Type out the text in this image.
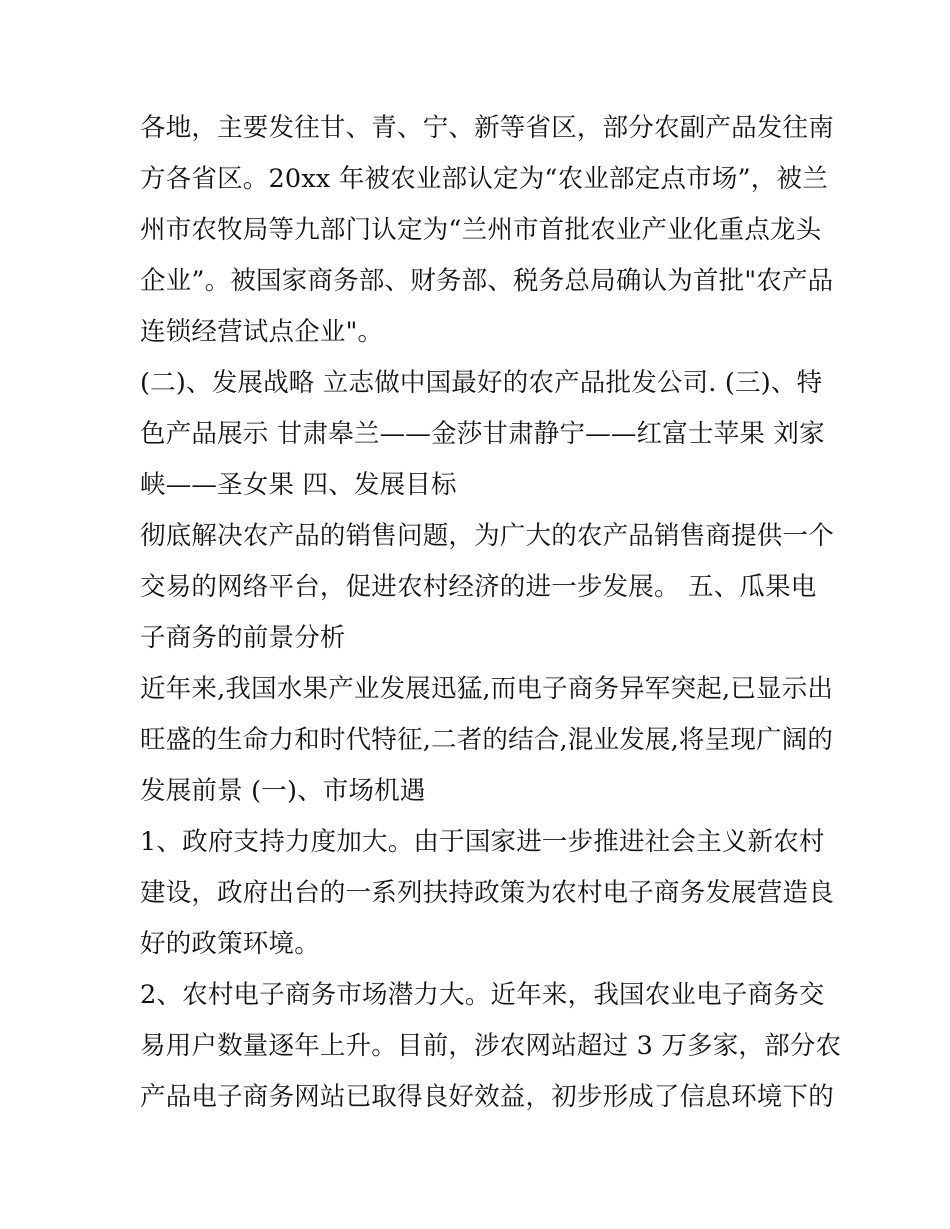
各地，主要发往甘、青、宁、新等省区，部分农副产品发往南
方各省区。20xx 年被农业部认定为“农业部定点市场”，被兰
州市农牧局等九部门认定为“兰州市首批农业产业化重点龙头
企业”。被国家商务部、财务部、税务总局确认为首批"农产品
连锁经营试点企业"。
(二)、发展战略 立志做中国最好的农产品批发公司. (三)、特
色产品展示 甘肃皋兰——金莎甘肃静宁——红富士苹果 刘家
峡——圣女果 四、发展目标
彻底解决农产品的销售问题，为广大的农产品销售商提供一个
交易的网络平台，促进农村经济的进一步发展。 五、瓜果电
子商务的前景分析
近年来,我国水果产业发展迅猛,而电子商务异军突起,已显示出
旺盛的生命力和时代特征,二者的结合,混业发展,将呈现广阔的
发展前景 (一)、市场机遇
1、政府支持力度加大。由于国家进一步推进社会主义新农村
建设，政府出台的一系列扶持政策为农村电子商务发展营造良
好的政策环境。
2、农村电子商务市场潜力大。近年来，我国农业电子商务交
易用户数量逐年上升。目前，涉农网站超过 3 万多家，部分农
产品电子商务网站已取得良好效益，初步形成了信息环境下的
